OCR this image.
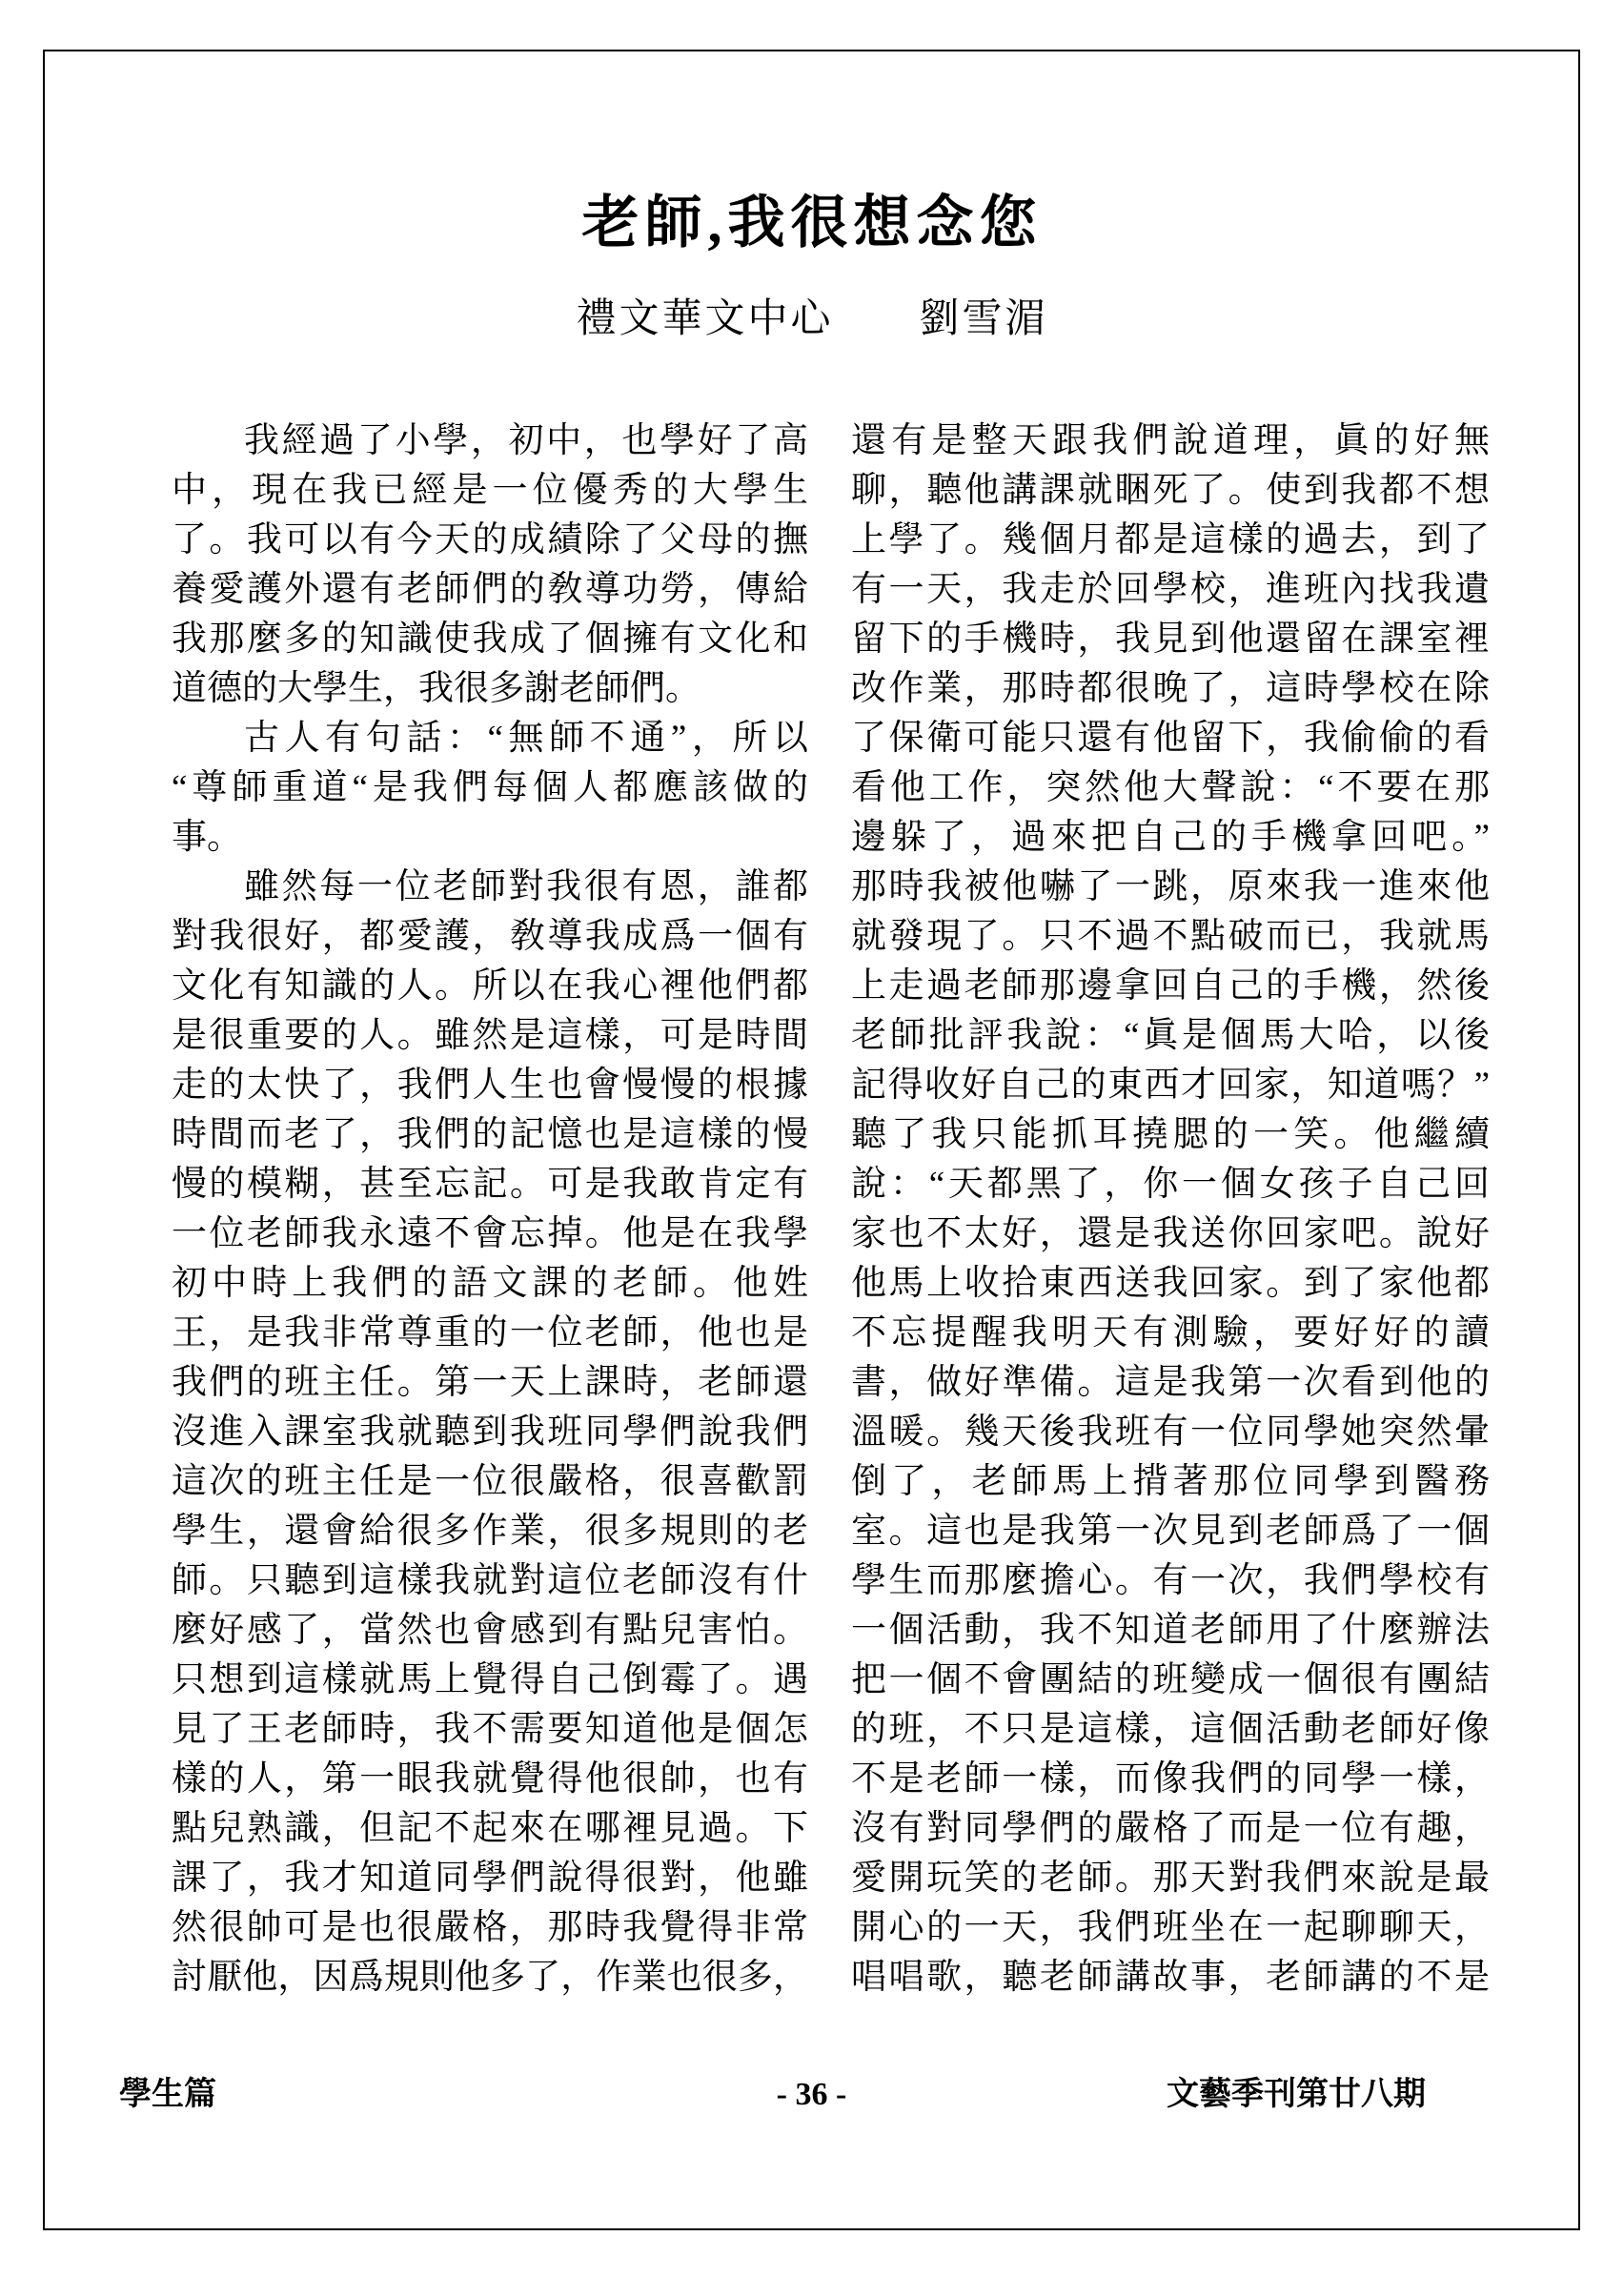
老師,我很想念您
禮文華文中心　　劉雪湄
我經過了小學，初中，也學好了高
中，現在我已經是一位優秀的大學生
了。我可以有今天的成績除了父母的撫
養愛護外還有老師們的敎導功勞，傳給
我那麼多的知識使我成了個擁有文化和
道德的大學生，我很多謝老師們。
古人有句話：“無師不通”，所以
“尊師重道“是我們每個人都應該做的
事。
雖然每一位老師對我很有恩，誰都
對我很好，都愛護，敎導我成爲一個有
文化有知識的人。所以在我心裡他們都
是很重要的人。雖然是這樣，可是時間
走的太快了，我們人生也會慢慢的根據
時間而老了，我們的記憶也是這樣的慢
慢的模糊，甚至忘記。可是我敢肯定有
一位老師我永遠不會忘掉。他是在我學
初中時上我們的語文課的老師。他姓
王，是我非常尊重的一位老師，他也是
我們的班主任。第一天上課時，老師還
沒進入課室我就聽到我班同學們說我們
這次的班主任是一位很嚴格，很喜歡罰
學生，還會給很多作業，很多規則的老
師。只聽到這樣我就對這位老師沒有什
麼好感了，當然也會感到有點兒害怕。
只想到這樣就馬上覺得自己倒霉了。遇
見了王老師時，我不需要知道他是個怎
樣的人，第一眼我就覺得他很帥，也有
點兒熟識，但記不起來在哪裡見過。下
課了，我才知道同學們說得很對，他雖
然很帥可是也很嚴格，那時我覺得非常
討厭他，因爲規則他多了，作業也很多，
還有是整天跟我們說道理，眞的好無
聊，聽他講課就睏死了。使到我都不想
上學了。幾個月都是這樣的過去，到了
有一天，我走於回學校，進班內找我遺
留下的手機時，我見到他還留在課室裡
改作業，那時都很晚了，這時學校在除
了保衛可能只還有他留下，我偷偷的看
看他工作，突然他大聲說：“不要在那
邊躲了，過來把自己的手機拿回吧。”
那時我被他嚇了一跳，原來我一進來他
就發現了。只不過不點破而已，我就馬
上走過老師那邊拿回自己的手機，然後
老師批評我說：“眞是個馬大哈，以後
記得收好自己的東西才回家，知道嗎？”
聽了我只能抓耳撓腮的一笑。他繼續
說：“天都黑了，你一個女孩子自己回
家也不太好，還是我送你回家吧。說好
他馬上收拾東西送我回家。到了家他都
不忘提醒我明天有測驗，要好好的讀
書，做好準備。這是我第一次看到他的
溫暖。幾天後我班有一位同學她突然暈
倒了，老師馬上揹著那位同學到醫務
室。這也是我第一次見到老師爲了一個
學生而那麼擔心。有一次，我們學校有
一個活動，我不知道老師用了什麼辦法
把一個不會團結的班變成一個很有團結
的班，不只是這樣，這個活動老師好像
不是老師一樣，而像我們的同學一樣，
沒有對同學們的嚴格了而是一位有趣，
愛開玩笑的老師。那天對我們來說是最
開心的一天，我們班坐在一起聊聊天，
唱唱歌，聽老師講故事，老師講的不是
- 36 -
學生篇	文藝季刊第廿八期
